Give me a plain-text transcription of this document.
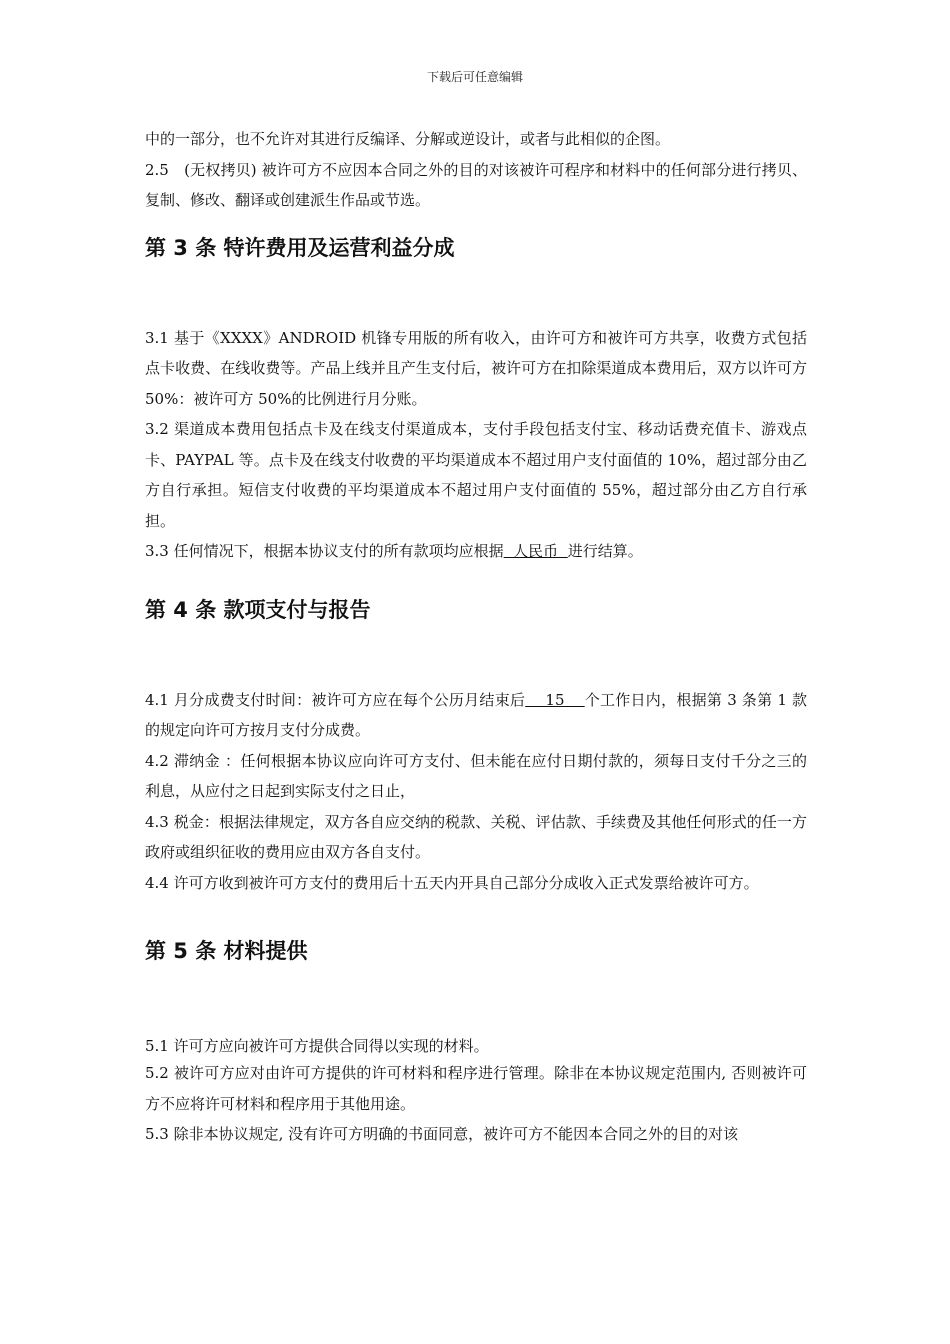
下载后可任意编辑

中的一部分，也不允许对其进行反编译、分解或逆设计，或者与此相似的企图。

2.5　(无权拷贝) 被许可方不应因本合同之外的目的对该被许可程序和材料中的任何部分进行拷贝、复制、修改、翻译或创建派生作品或节选。

第 3 条 特许费用及运营利益分成

3.1 基于《XXXX》ANDROID 机锋专用版的所有收入，由许可方和被许可方共享，收费方式包括点卡收费、在线收费等。产品上线并且产生支付后，被许可方在扣除渠道成本费用后，双方以许可方 50%：被许可方 50%的比例进行月分账。

3.2 渠道成本费用包括点卡及在线支付渠道成本，支付手段包括支付宝、移动话费充值卡、游戏点卡、PAYPAL 等。点卡及在线支付收费的平均渠道成本不超过用户支付面值的 10%，超过部分由乙方自行承担。短信支付收费的平均渠道成本不超过用户支付面值的 55%，超过部分由乙方自行承担。

3.3 任何情况下，根据本协议支付的所有款项均应根据  人民币  进行结算。

第 4 条 款项支付与报告

4.1 月分成费支付时间：被许可方应在每个公历月结束后    15    个工作日内，根据第 3 条第 1 款的规定向许可方按月支付分成费。

4.2 滞纳金 ：任何根据本协议应向许可方支付、但未能在应付日期付款的，须每日支付千分之三的利息，从应付之日起到实际支付之日止，

4.3 税金：根据法律规定，双方各自应交纳的税款、关税、评估款、手续费及其他任何形式的任一方政府或组织征收的费用应由双方各自支付。

4.4 许可方收到被许可方支付的费用后十五天内开具自己部分分成收入正式发票给被许可方。

第 5 条 材料提供

5.1 许可方应向被许可方提供合同得以实现的材料。

5.2 被许可方应对由许可方提供的许可材料和程序进行管理。除非在本协议规定范围内, 否则被许可方不应将许可材料和程序用于其他用途。

5.3 除非本协议规定, 没有许可方明确的书面同意，被许可方不能因本合同之外的目的对该
